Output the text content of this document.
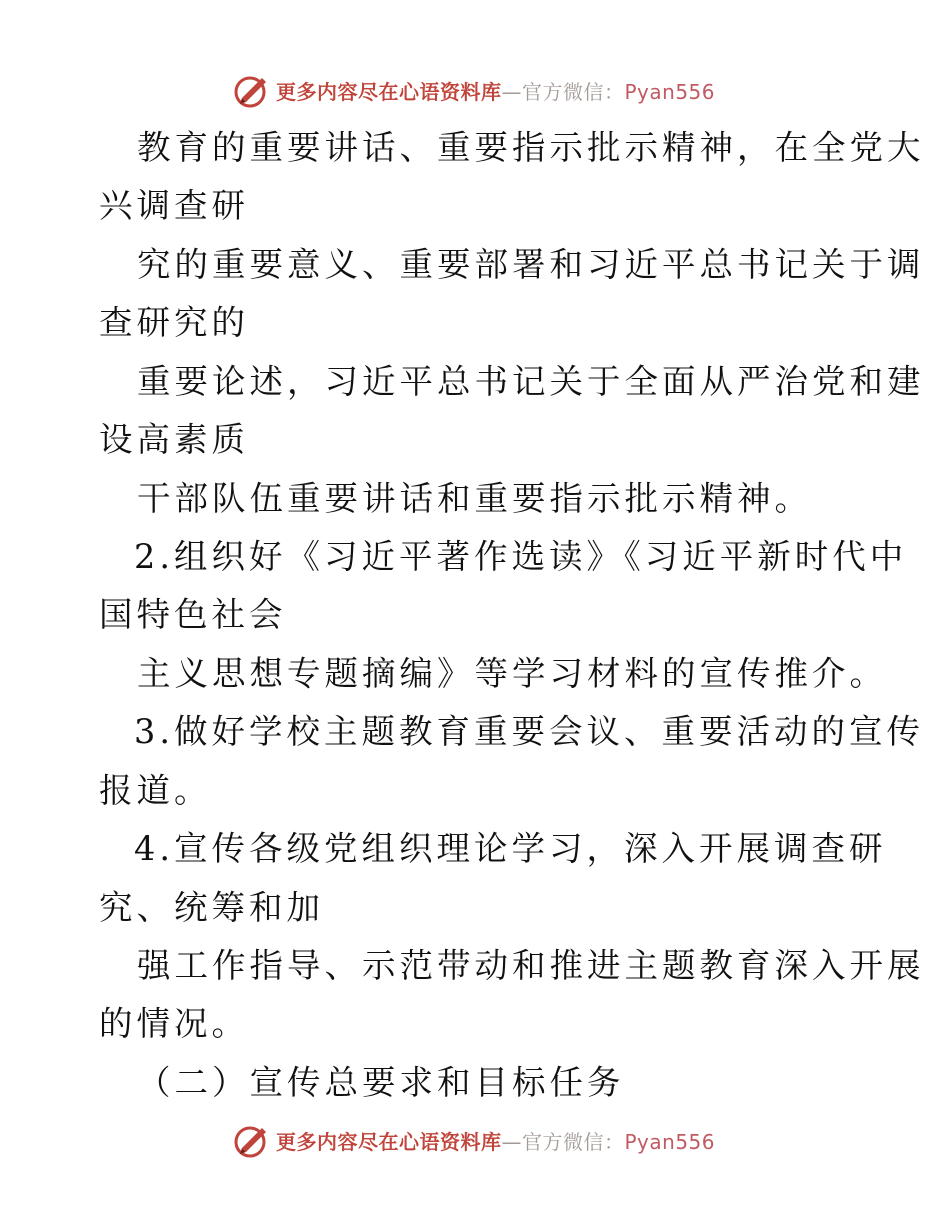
更多内容尽在心语资料库—官方微信：Pyan556
教育的重要讲话、重要指示批示精神，在全党大
兴调查研
究的重要意义、重要部署和习近平总书记关于调
查研究的
重要论述，习近平总书记关于全面从严治党和建
设高素质
干部队伍重要讲话和重要指示批示精神。
2.组织好《习近平著作选读》《习近平新时代中
国特色社会
主义思想专题摘编》等学习材料的宣传推介。
3.做好学校主题教育重要会议、重要活动的宣传
报道。
4.宣传各级党组织理论学习，深入开展调查研
究、统筹和加
强工作指导、示范带动和推进主题教育深入开展
的情况。
（二）宣传总要求和目标任务
更多内容尽在心语资料库—官方微信：Pyan556
